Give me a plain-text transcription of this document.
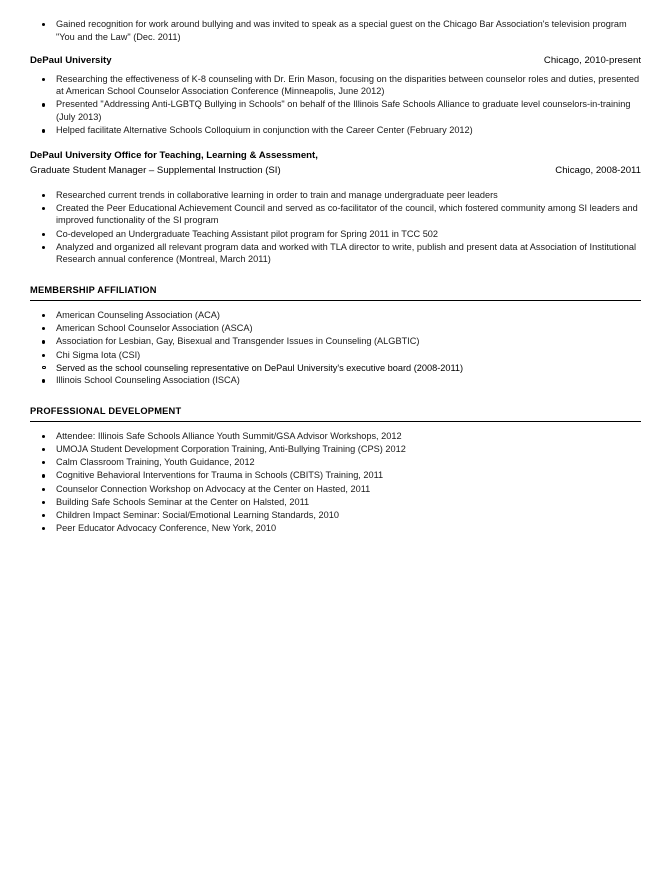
Gained recognition for work around bullying and was invited to speak as a special guest on the Chicago Bar Association's television program "You and the Law" (Dec. 2011)
DePaul University	Chicago, 2010-present
Researching the effectiveness of K-8 counseling with Dr. Erin Mason, focusing on the disparities between counselor roles and duties, presented at American School Counselor Association Conference (Minneapolis, June 2012)
Presented "Addressing Anti-LGBTQ Bullying in Schools" on behalf of the Illinois Safe Schools Alliance to graduate level counselors-in-training (July 2013)
Helped facilitate Alternative Schools Colloquium in conjunction with the Career Center (February 2012)
DePaul University Office for Teaching, Learning & Assessment,
Graduate Student Manager – Supplemental Instruction (SI)	Chicago, 2008-2011
Researched current trends in collaborative learning in order to train and manage undergraduate peer leaders
Created the Peer Educational Achievement Council and served as co-facilitator of the council, which fostered community among SI leaders and improved functionality of the SI program
Co-developed an Undergraduate Teaching Assistant pilot program for Spring 2011 in TCC 502
Analyzed and organized all relevant program data and worked with TLA director to write, publish and present data at Association of Institutional Research annual conference (Montreal, March 2011)
MEMBERSHIP AFFILIATION
American Counseling Association (ACA)
American School Counselor Association (ASCA)
Association for Lesbian, Gay, Bisexual and Transgender Issues in Counseling (ALGBTIC)
Chi Sigma Iota (CSI)
Served as the school counseling representative on DePaul University's executive board (2008-2011)
Illinois School Counseling Association (ISCA)
PROFESSIONAL DEVELOPMENT
Attendee: Illinois Safe Schools Alliance Youth Summit/GSA Advisor Workshops, 2012
UMOJA Student Development Corporation Training, Anti-Bullying Training (CPS) 2012
Calm Classroom Training, Youth Guidance, 2012
Cognitive Behavioral Interventions for Trauma in Schools (CBITS) Training, 2011
Counselor Connection Workshop on Advocacy at the Center on Hasted, 2011
Building Safe Schools Seminar at the Center on Halsted, 2011
Children Impact Seminar: Social/Emotional Learning Standards, 2010
Peer Educator Advocacy Conference, New York, 2010
